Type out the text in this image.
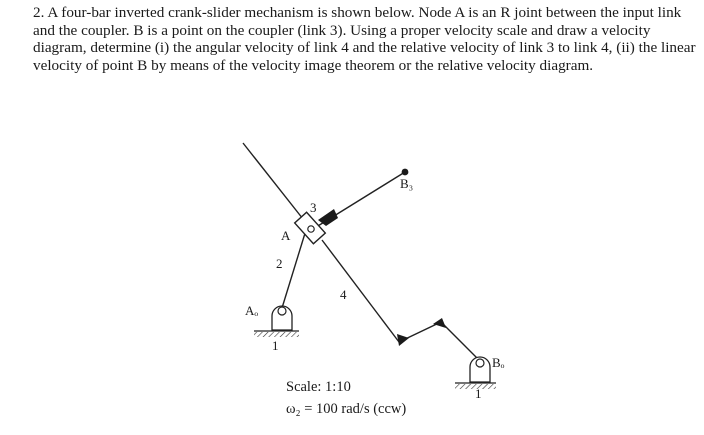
2. A four-bar inverted crank-slider mechanism is shown below. Node A is an R joint between the input link and the coupler. B is a point on the coupler (link 3). Using a proper velocity scale and draw a velocity diagram, determine (i) the angular velocity of link 4 and the relative velocity of link 3 to link 4, (ii) the linear velocity of point B by means of the velocity image theorem or the relative velocity diagram.

B₃
3
A
2
4
Aₒ
1
Bₒ
1
Scale: 1:10
ω₂ = 100 rad/s (ccw)
